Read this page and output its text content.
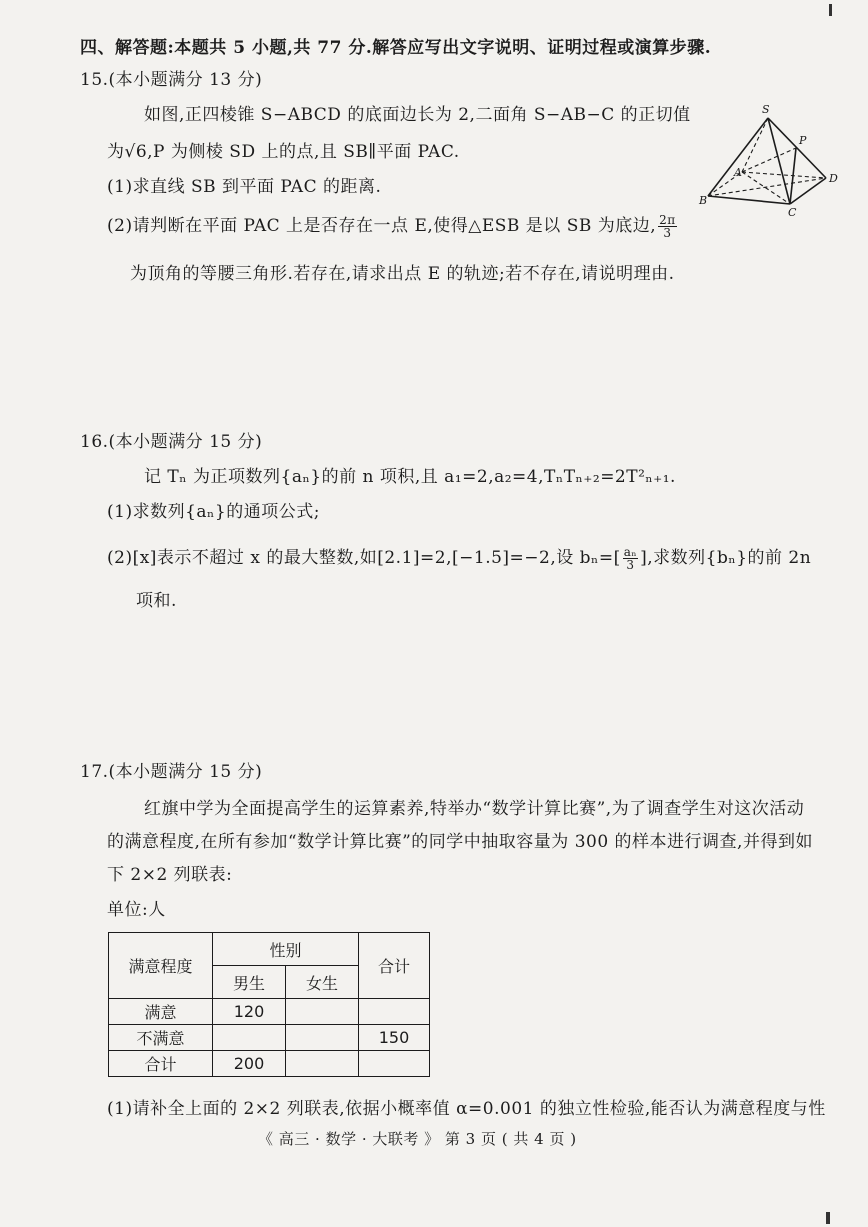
四、解答题:本题共 5 小题,共 77 分.解答应写出文字说明、证明过程或演算步骤.
15.(本小题满分 13 分)
如图,正四棱锥 S−ABCD 的底面边长为 2,二面角 S−AB−C 的正切值
为√6,P 为侧棱 SD 上的点,且 SB∥平面 PAC.
(1)求直线 SB 到平面 PAC 的距离.
(2)请判断在平面 PAC 上是否存在一点 E,使得△ESB 是以 SB 为底边, $\frac{2\pi}{3}$
为顶角的等腰三角形.若存在,请求出点 E 的轨迹;若不存在,请说明理由.
S
P
A	D
B
C
16.(本小题满分 15 分)
记 Tₙ 为正项数列{aₙ}的前 n 项积,且 a₁=2,a₂=4,TₙTₙ₊₂=2T²ₙ₊₁.
(1)求数列{aₙ}的通项公式;
(2)[x]表示不超过 x 的最大整数,如[2.1]=2,[−1.5]=−2,设 $b_n=[ \frac{\text{aₙ}}{3}$ ],求数列{bₙ}的前 2n
项和.
17.(本小题满分 15 分)
红旗中学为全面提高学生的运算素养,特举办“数学计算比赛”,为了调查学生对这次活动
的满意程度,在所有参加“数学计算比赛”的同学中抽取容量为 300 的样本进行调查,并得到如
下 2×2 列联表:
单位:人
满意程度	性别		合计
	男生	女生	
满意	120		
不满意			150
合计	200		
(1)请补全上面的 2×2 列联表,依据小概率值 α=0.001 的独立性检验,能否认为满意程度与性
《 高三 · 数学 · 大联考 》 第 3 页 ( 共 4 页 )
